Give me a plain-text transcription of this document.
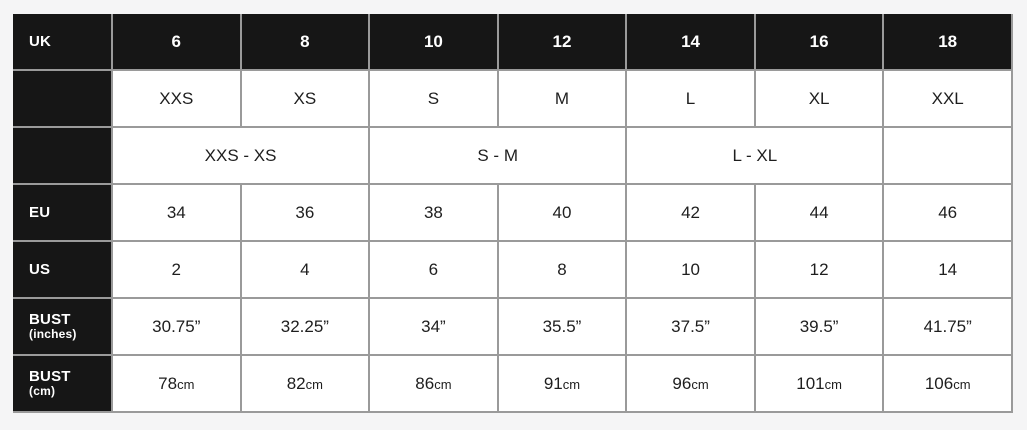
UK	6	8	10	12	14	16	18
	XXS	XS	S	M	L	XL	XXL
	XXS - XS		S - M		L - XL		
EU	34	36	38	40	42	44	46
US	2	4	6	8	10	12	14

BUST
(inches)	30.75”	32.25”	34”	35.5”	37.5”	39.5”	41.75”

BUST
(cm)	78cm	82cm	86cm	91cm	96cm	101cm	106cm
